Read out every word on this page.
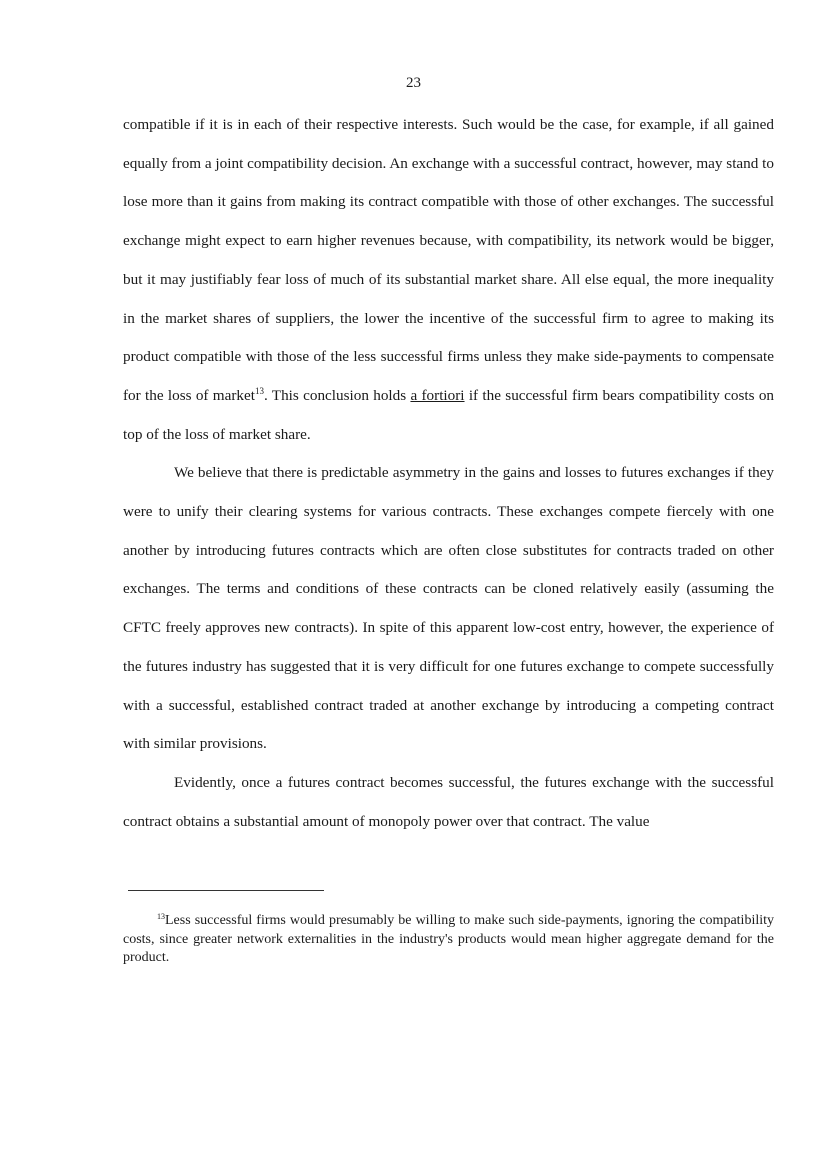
23

compatible if it is in each of their respective interests. Such would be the case, for example, if all gained equally from a joint compatibility decision. An exchange with a successful contract, however, may stand to lose more than it gains from making its contract compatible with those of other exchanges. The successful exchange might expect to earn higher revenues because, with compatibility, its network would be bigger, but it may justifiably fear loss of much of its substantial market share. All else equal, the more inequality in the market shares of suppliers, the lower the incentive of the successful firm to agree to making its product compatible with those of the less successful firms unless they make side-payments to compensate for the loss of market$^{13}$. This conclusion holds a fortiori if the successful firm bears compatibility costs on top of the loss of market share.

We believe that there is predictable asymmetry in the gains and losses to futures exchanges if they were to unify their clearing systems for various contracts. These exchanges compete fiercely with one another by introducing futures contracts which are often close substitutes for contracts traded on other exchanges. The terms and conditions of these contracts can be cloned relatively easily (assuming the CFTC freely approves new contracts). In spite of this apparent low-cost entry, however, the experience of the futures industry has suggested that it is very difficult for one futures exchange to compete successfully with a successful, established contract traded at another exchange by introducing a competing contract with similar provisions.

Evidently, once a futures contract becomes successful, the futures exchange with the successful contract obtains a substantial amount of monopoly power over that contract. The value

$^{13}$Less successful firms would presumably be willing to make such side-payments, ignoring the compatibility costs, since greater network externalities in the industry's products would mean higher aggregate demand for the product.
